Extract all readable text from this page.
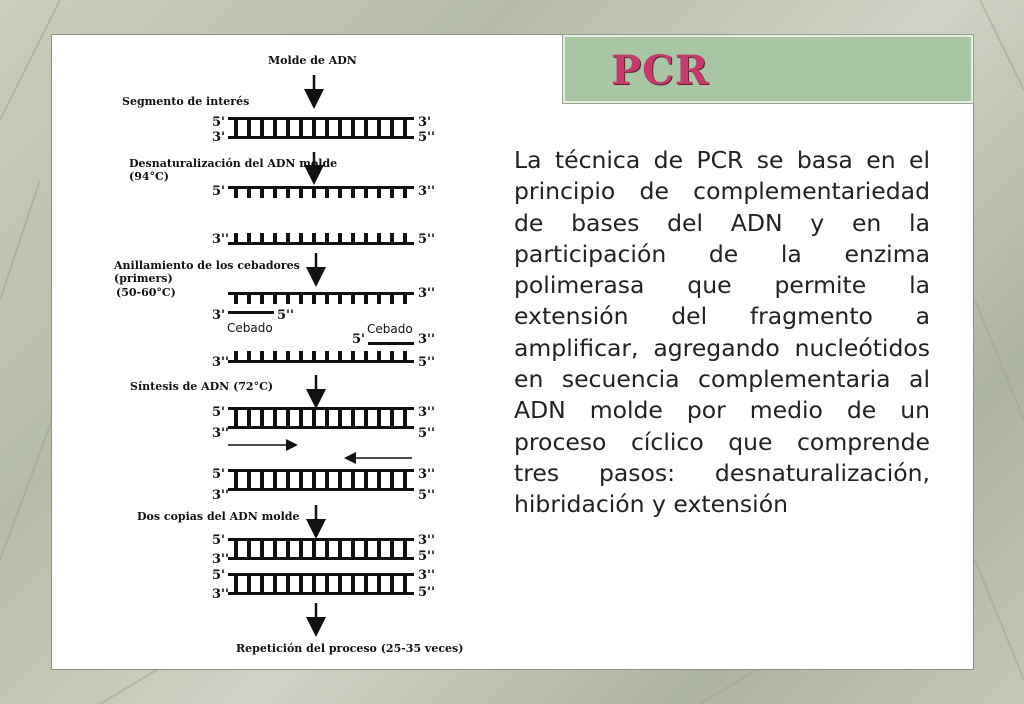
Molde de ADN
Segmento de interés
Desnaturalización del ADN molde
(94°C)
Anillamiento de los cebadores
(primers)
(50-60°C)
Síntesis de ADN (72°C)
Dos copias del ADN molde
Repetición del proceso (25-35 veces)
Cebado	Cebado
5'
3'
3'
5''
5'	3''
3''	5''
3'	5''
3''
5'	3''
3''	5''
5'
3''
3''
5''
5'
3''
3''
5''
5'
3''
3''
5''
5'
3''
3''
5''
PCR
La técnica de PCR se basa en el principio de complementariedad de bases del ADN y en la participación de la enzima polimerasa que permite la extensión del fragmento a amplificar, agregando nucleótidos en secuencia complementaria al ADN molde por medio de un proceso cíclico que comprende tres pasos: desnaturalización, hibridación y extensión
